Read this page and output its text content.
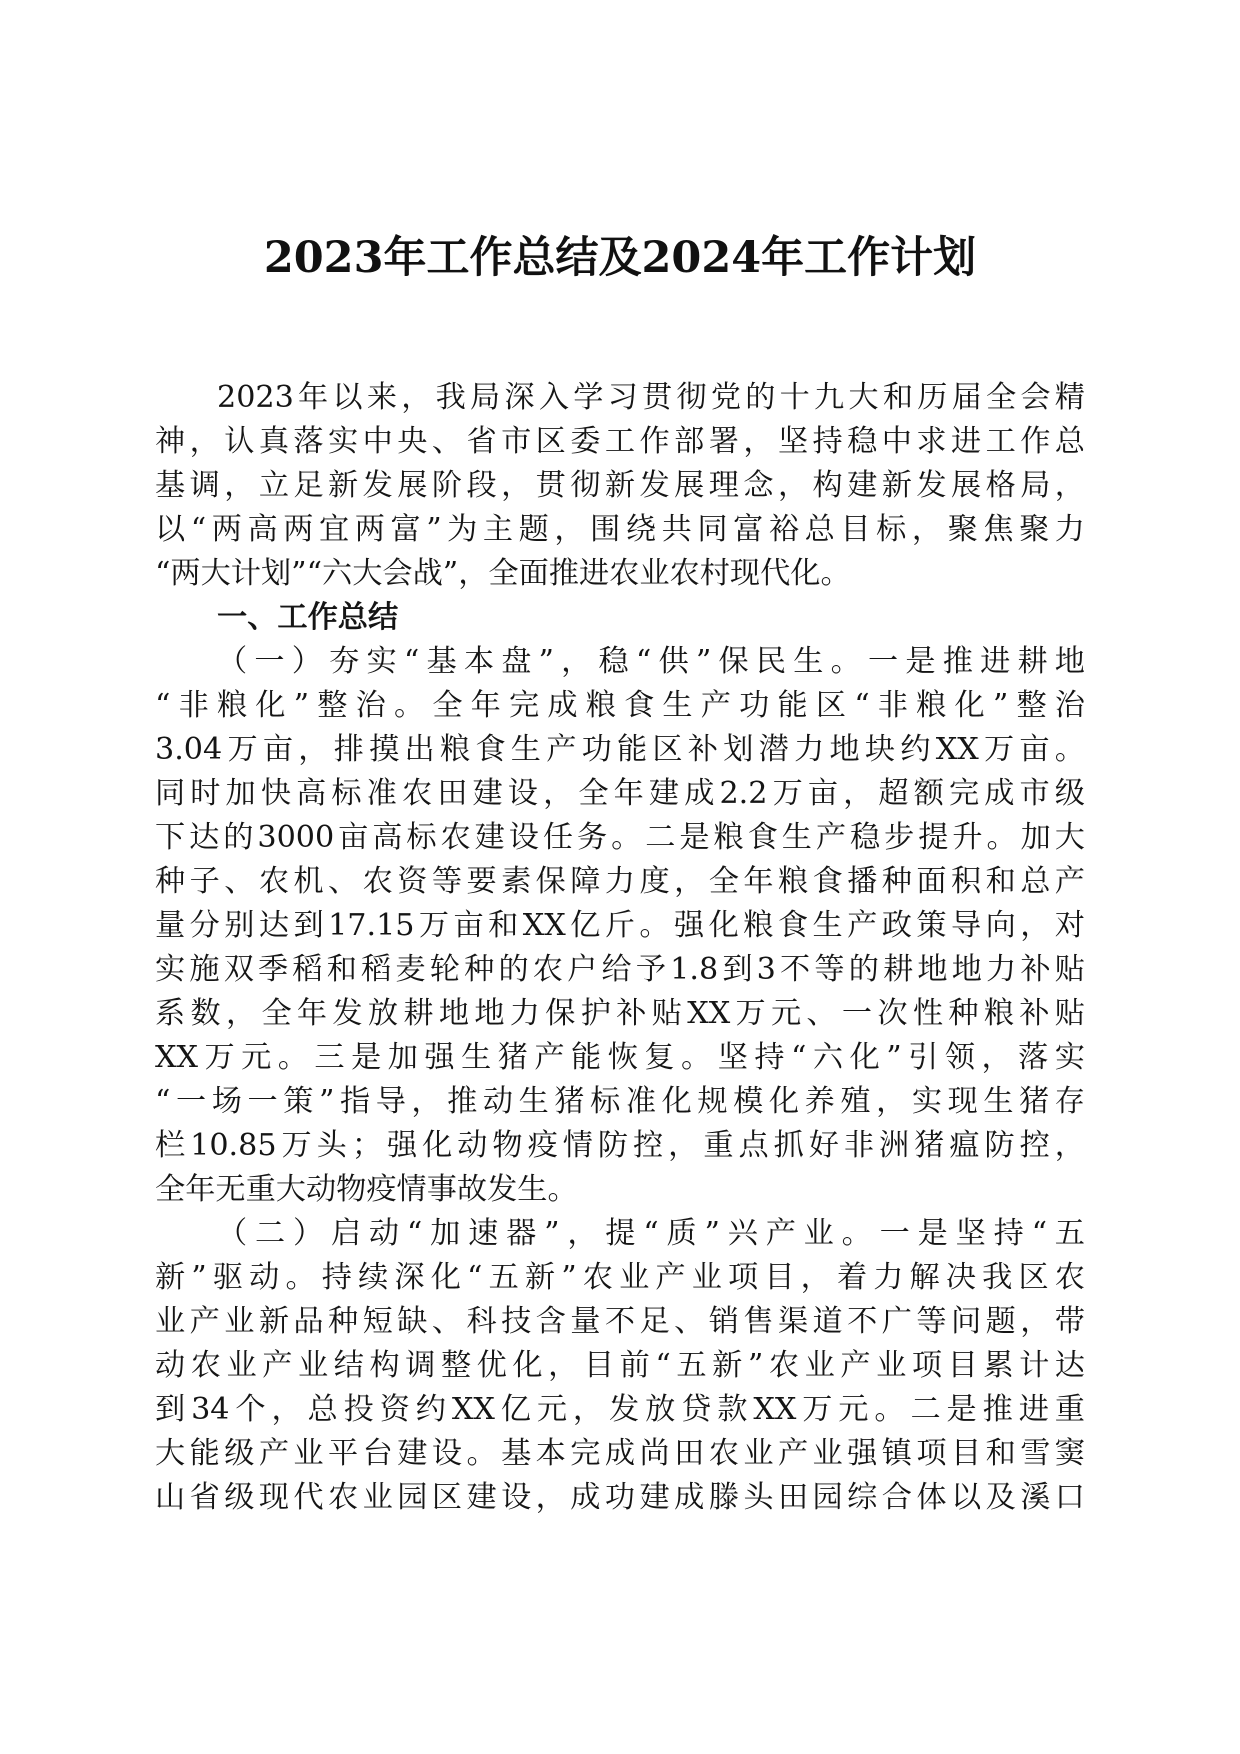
2023年工作总结及2024年工作计划
2023年以来，我局深入学习贯彻党的十九大和历届全会精
神，认真落实中央、省市区委工作部署，坚持稳中求进工作总
基调，立足新发展阶段，贯彻新发展理念，构建新发展格局，
以“两高两宜两富”为主题，围绕共同富裕总目标，聚焦聚力
“两大计划”“六大会战”，全面推进农业农村现代化。
一、工作总结
（一）夯实“基本盘”，稳“供”保民生。一是推进耕地
“非粮化”整治。全年完成粮食生产功能区“非粮化”整治
3.04万亩，排摸出粮食生产功能区补划潜力地块约XX万亩。
同时加快高标准农田建设，全年建成2.2万亩，超额完成市级
下达的3000亩高标农建设任务。二是粮食生产稳步提升。加大
种子、农机、农资等要素保障力度，全年粮食播种面积和总产
量分别达到17.15万亩和XX亿斤。强化粮食生产政策导向，对
实施双季稻和稻麦轮种的农户给予1.8到3不等的耕地地力补贴
系数，全年发放耕地地力保护补贴XX万元、一次性种粮补贴
XX万元。三是加强生猪产能恢复。坚持“六化”引领，落实
“一场一策”指导，推动生猪标准化规模化养殖，实现生猪存
栏10.85万头；强化动物疫情防控，重点抓好非洲猪瘟防控，
全年无重大动物疫情事故发生。
（二）启动“加速器”，提“质”兴产业。一是坚持“五
新”驱动。持续深化“五新”农业产业项目，着力解决我区农
业产业新品种短缺、科技含量不足、销售渠道不广等问题，带
动农业产业结构调整优化，目前“五新”农业产业项目累计达
到34个，总投资约XX亿元，发放贷款XX万元。二是推进重
大能级产业平台建设。基本完成尚田农业产业强镇项目和雪窦
山省级现代农业园区建设，成功建成滕头田园综合体以及溪口
